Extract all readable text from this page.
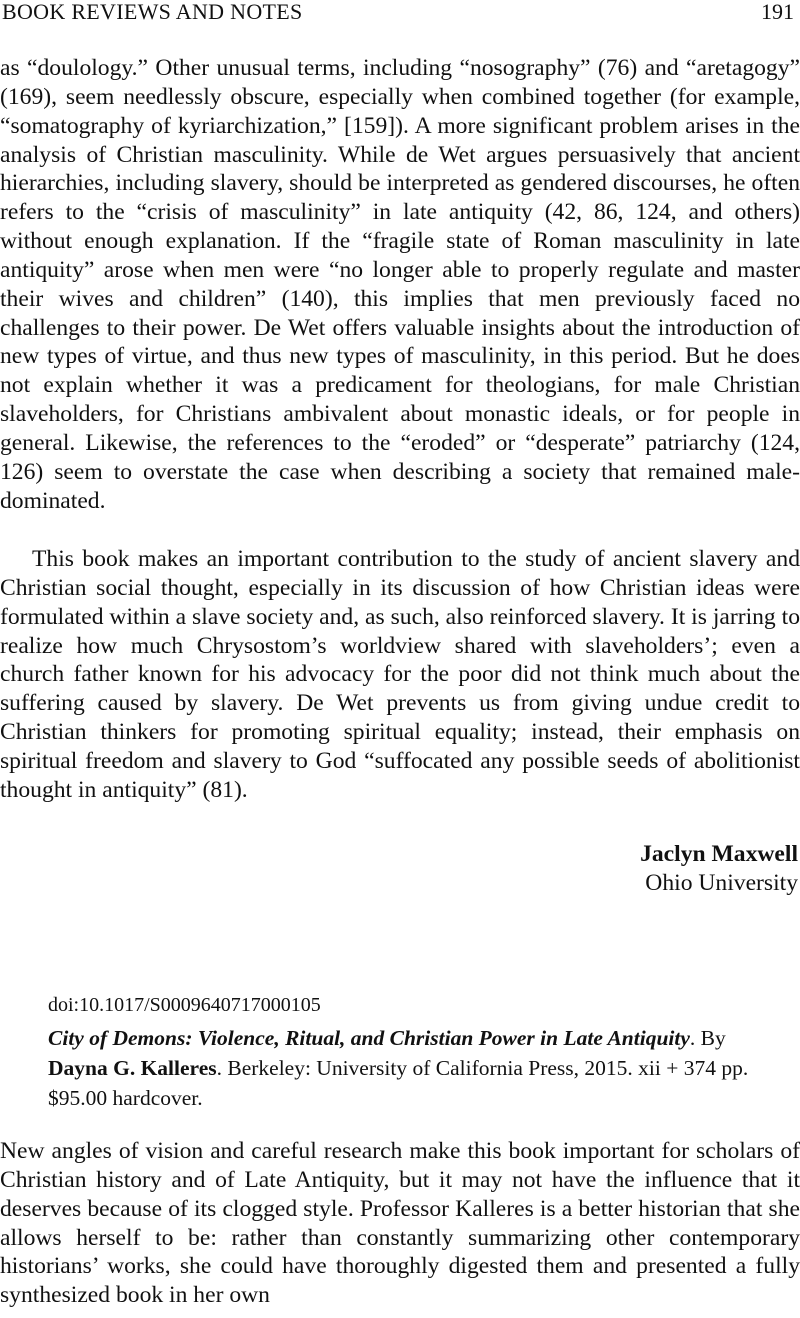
BOOK REVIEWS AND NOTES	191

as “doulology.” Other unusual terms, including “nosography” (76) and “aretagogy” (169), seem needlessly obscure, especially when combined together (for example, “somatography of kyriarchization,” [159]). A more significant problem arises in the analysis of Christian masculinity. While de Wet argues persuasively that ancient hierarchies, including slavery, should be interpreted as gendered discourses, he often refers to the “crisis of masculinity” in late antiquity (42, 86, 124, and others) without enough explanation. If the “fragile state of Roman masculinity in late antiquity” arose when men were “no longer able to properly regulate and master their wives and children” (140), this implies that men previously faced no challenges to their power. De Wet offers valuable insights about the introduction of new types of virtue, and thus new types of masculinity, in this period. But he does not explain whether it was a predicament for theologians, for male Christian slaveholders, for Christians ambivalent about monastic ideals, or for people in general. Likewise, the references to the “eroded” or “desperate” patriarchy (124, 126) seem to overstate the case when describing a society that remained male-dominated.

This book makes an important contribution to the study of ancient slavery and Christian social thought, especially in its discussion of how Christian ideas were formulated within a slave society and, as such, also reinforced slavery. It is jarring to realize how much Chrysostom’s worldview shared with slaveholders’; even a church father known for his advocacy for the poor did not think much about the suffering caused by slavery. De Wet prevents us from giving undue credit to Christian thinkers for promoting spiritual equality; instead, their emphasis on spiritual freedom and slavery to God “suffocated any possible seeds of abolitionist thought in antiquity” (81).

Jaclyn Maxwell
Ohio University
doi:10.1017/S0009640717000105
City of Demons: Violence, Ritual, and Christian Power in Late Antiquity. By Dayna G. Kalleres. Berkeley: University of California Press, 2015. xii + 374 pp. $95.00 hardcover.

New angles of vision and careful research make this book important for scholars of Christian history and of Late Antiquity, but it may not have the influence that it deserves because of its clogged style. Professor Kalleres is a better historian that she allows herself to be: rather than constantly summarizing other contemporary historians’ works, she could have thoroughly digested them and presented a fully synthesized book in her own
